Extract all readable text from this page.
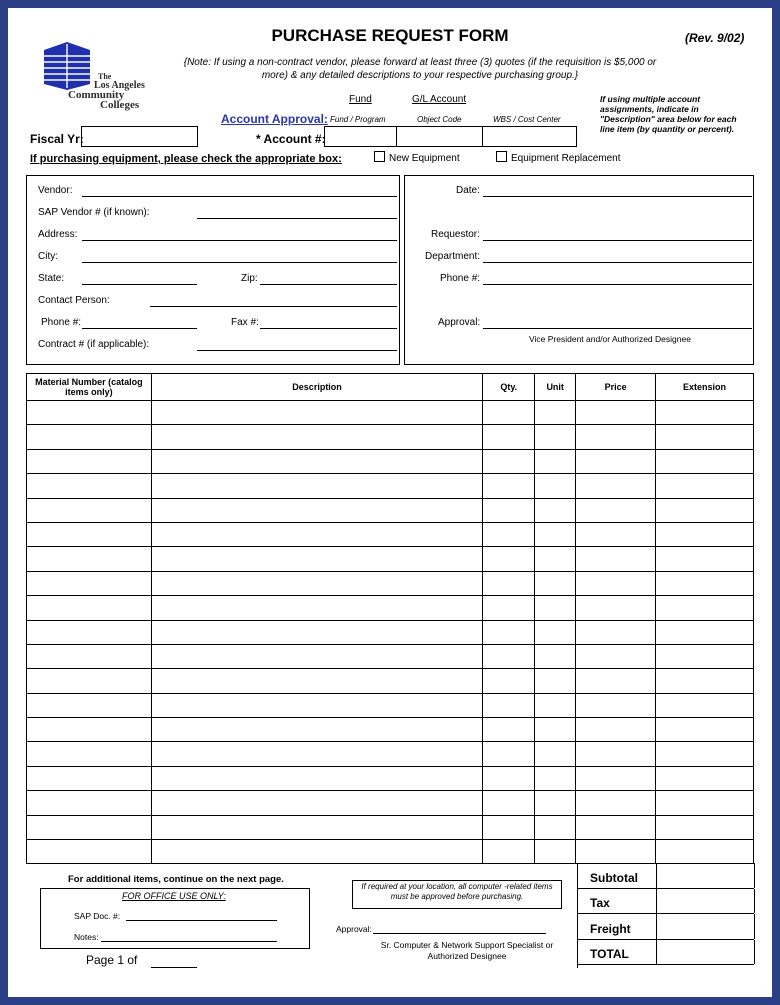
PURCHASE REQUEST FORM	(Rev. 9/02)
{Note: If using a non-contract vendor, please forward at least three (3) quotes (if the requisition is $5,000 or more) & any detailed descriptions to your respective purchasing group.}
The
Los Angeles
Community
Colleges	Fund	G/L Account
Account Approval: Fund / Program	Object Code	WBS / Cost Center
If using multiple account assignments, indicate in "Description" area below for each line item (by quantity or percent).
Fiscal Yr:	* Account #:
If purchasing equipment, please check the appropriate box:	New Equipment	Equipment Replacement
Vendor:
SAP Vendor # (if known):
Address:
City:
State:	Zip:
Contact Person:
Phone #:	Fax #:
Contract # (if applicable):
Date:
Requestor:
Department:
Phone #:
Approval:
Vice President and/or Authorized Designee
Material Number (catalog items only)	Description	Qty.	Unit	Price	Extension

For additional items, continue on the next page.
FOR OFFICE USE ONLY:
SAP Doc. #:
Notes:
Page 1 of
If required at your location, all computer -related items must be approved before purchasing.
Approval:
Sr. Computer & Network Support Specialist or Authorized Designee
Subtotal
Tax
Freight
TOTAL
